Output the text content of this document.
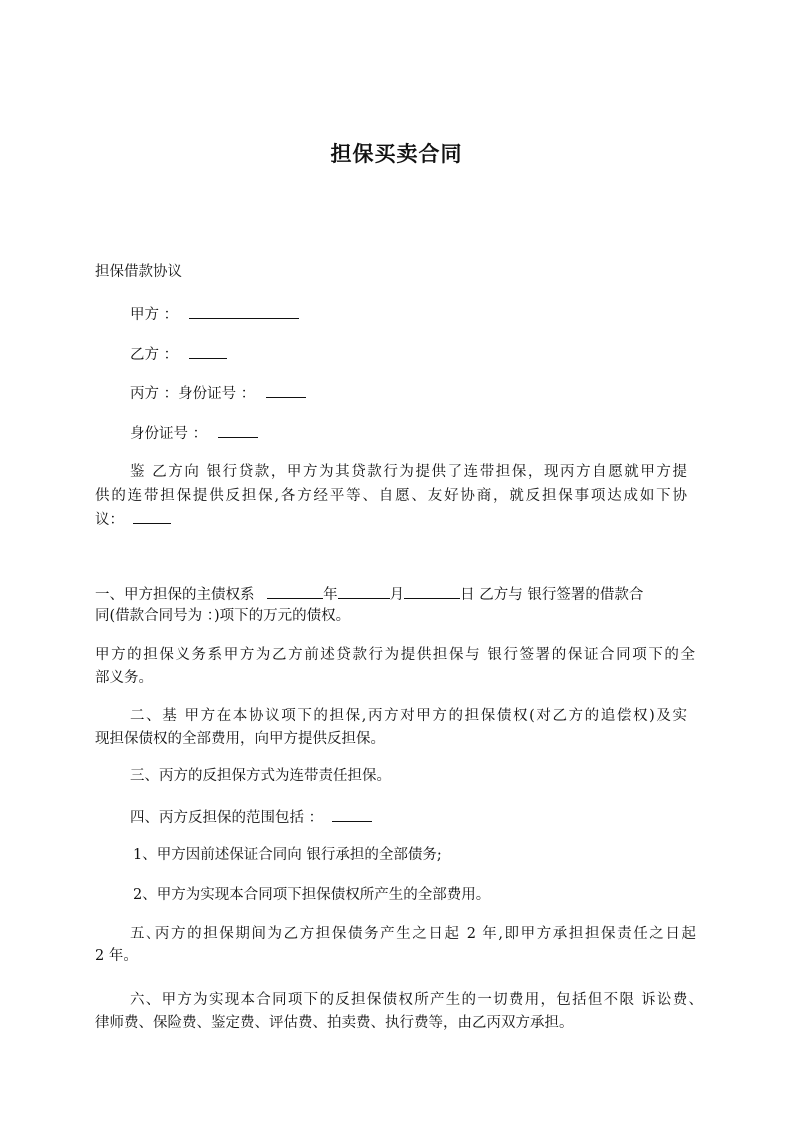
担保买卖合同
担保借款协议
甲方 ：
乙方 ：
丙方 ：身份证号 ：
身份证号 ：
鉴 乙方向 银行贷款，甲方为其贷款行为提供了连带担保，现丙方自愿就甲方提
供的连带担保提供反担保,各方经平等、自愿、友好协商，就反担保事项达成如下协
议：
一、甲方担保的主债权系	年	月	日 乙方与 银行签署的借款合
同(借款合同号为 ：)项下的万元的债权。
甲方的担保义务系甲方为乙方前述贷款行为提供担保与 银行签署的保证合同项下的全
部义务。
二、基 甲方在本协议项下的担保,丙方对甲方的担保债权(对乙方的追偿权)及实
现担保债权的全部费用，向甲方提供反担保。
三、丙方的反担保方式为连带责任担保。
四、丙方反担保的范围包括 ：
1、甲方因前述保证合同向 银行承担的全部债务;
2、甲方为实现本合同项下担保债权所产生的全部费用。
五､丙方的担保期间为乙方担保债务产生之日起 2 年,即甲方承担担保责任之日起
2 年。
六、甲方为实现本合同项下的反担保债权所产生的一切费用，包括但不限 诉讼费、
律师费、保险费、鉴定费、评估费、拍卖费、执行费等，由乙丙双方承担。
